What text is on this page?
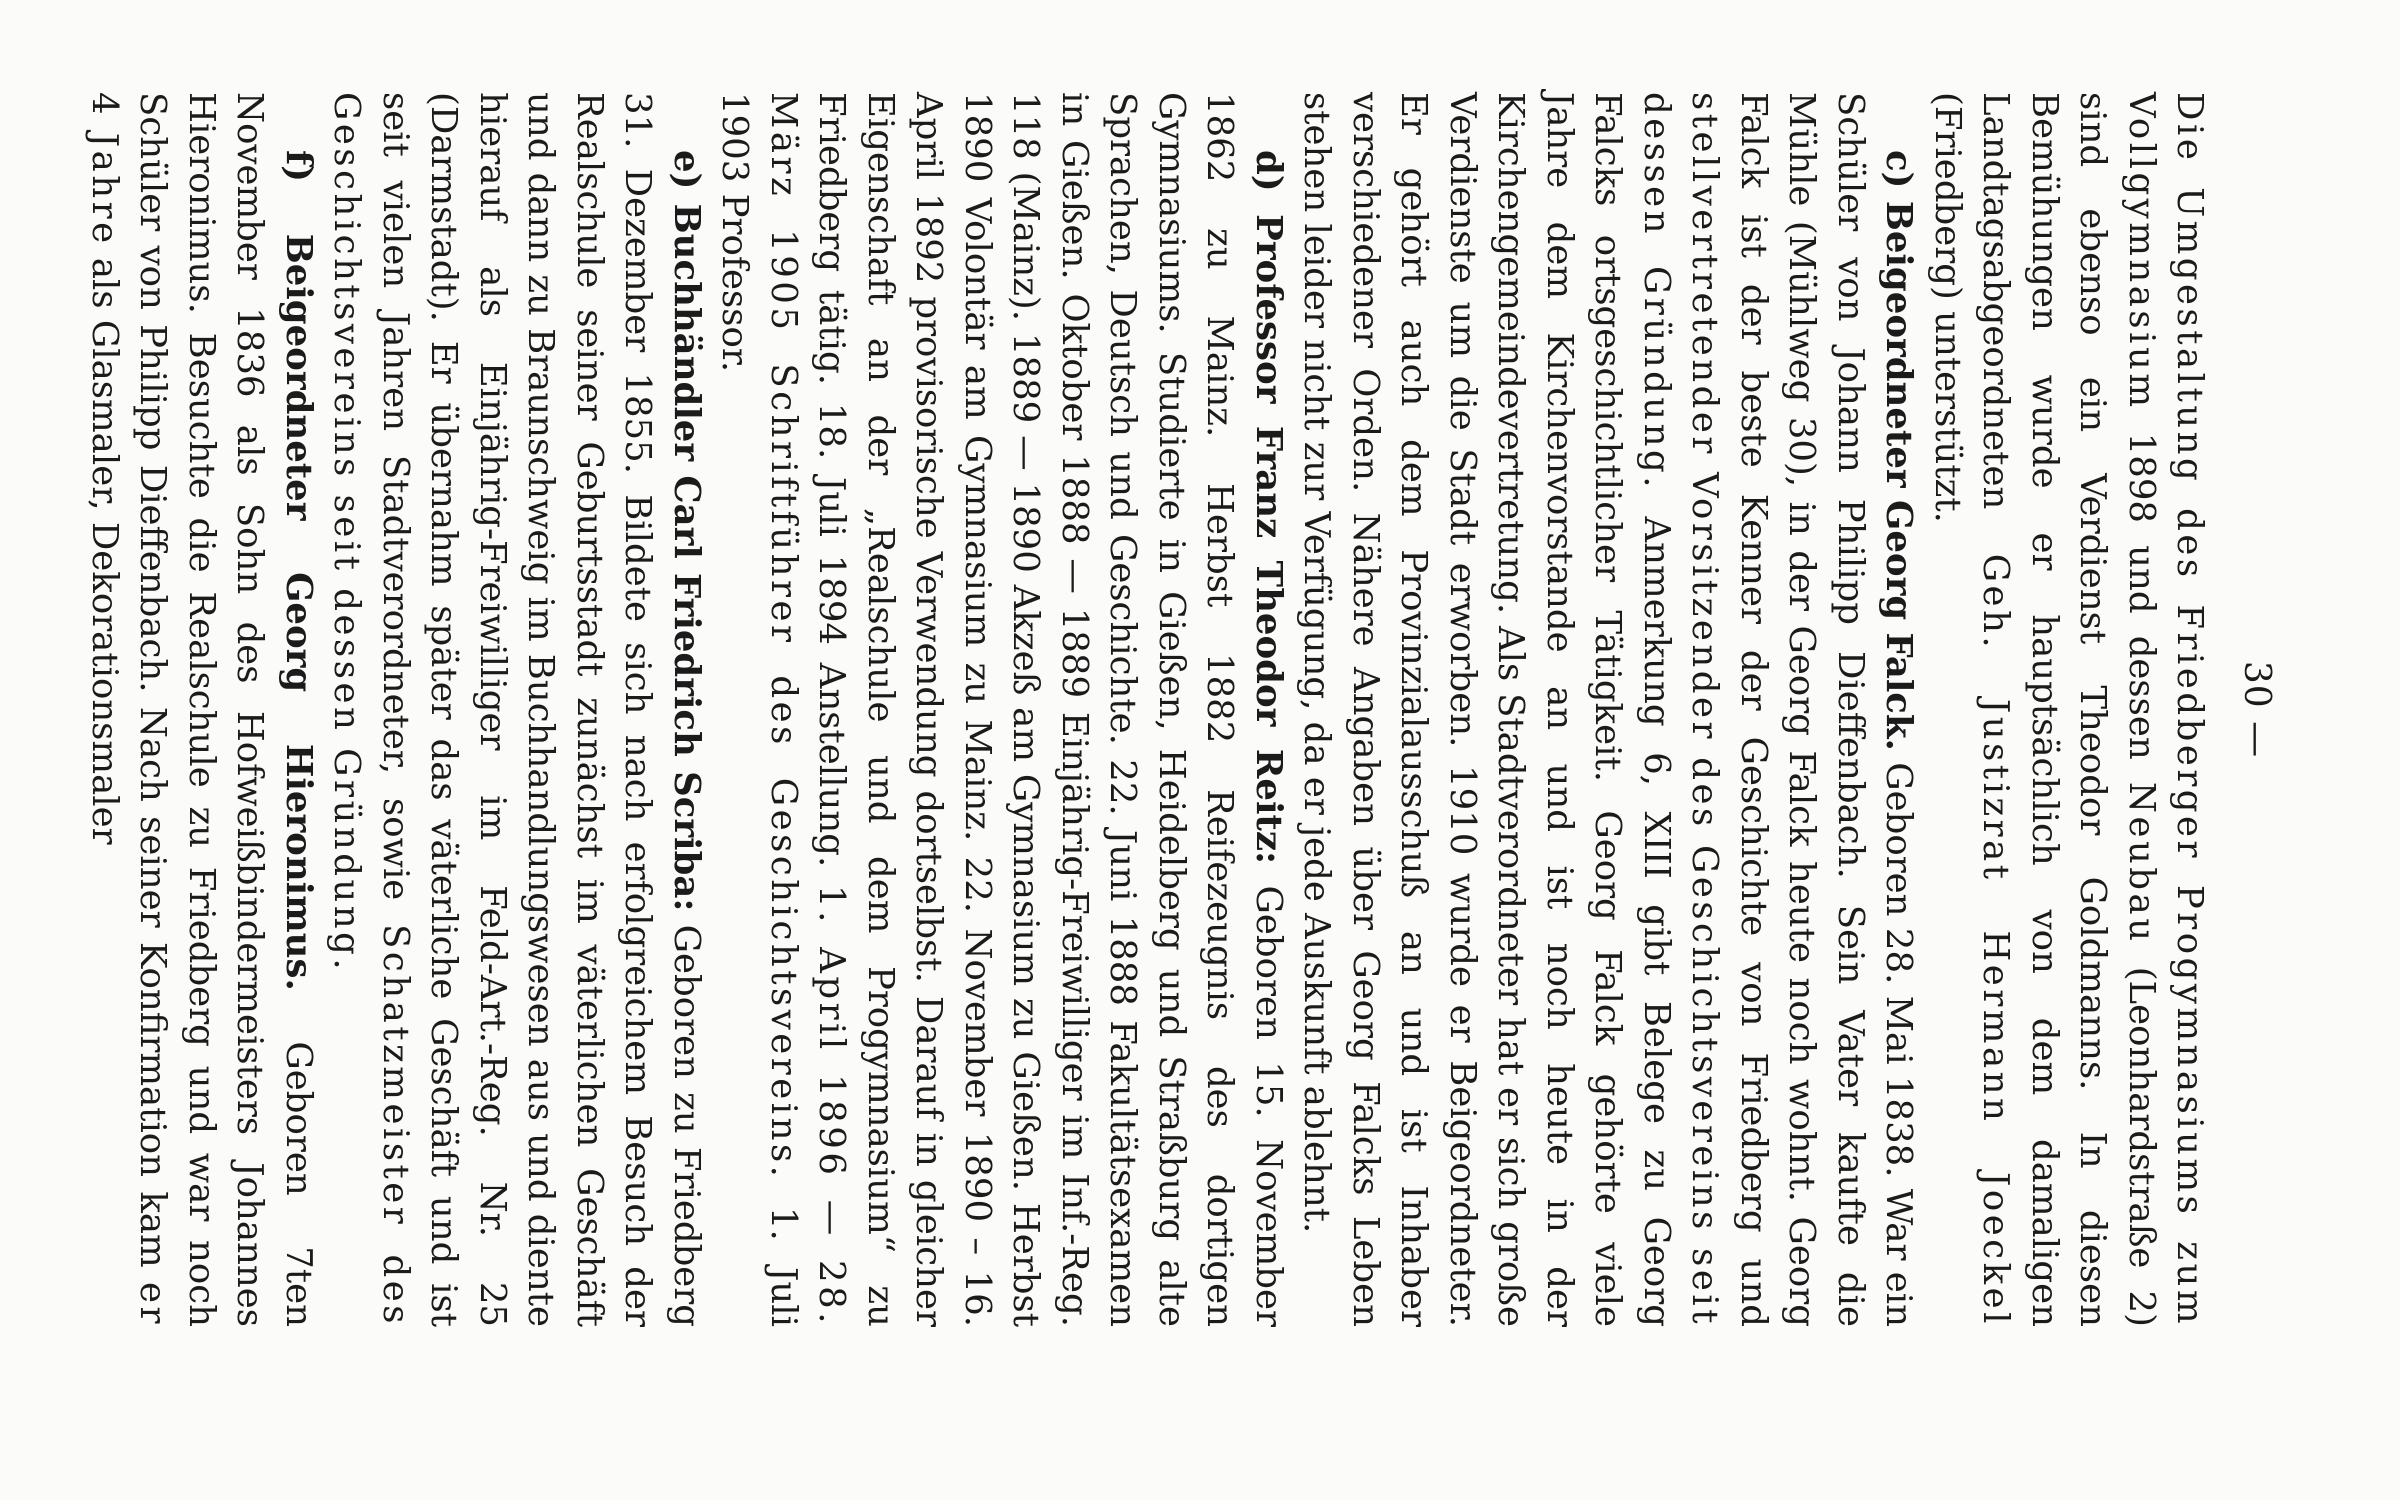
30 —

Die Umgestaltung des Friedberger Progymnasiums zum Vollgymnasium 1898 und dessen Neubau (Leonhardstraße 2) sind ebenso ein Verdienst Theodor Goldmanns. In diesen Bemühungen wurde er hauptsächlich von dem damaligen Landtagsabgeordneten Geh. Justizrat Hermann Joeckel (Friedberg) unterstützt.

c) Beigeordneter Georg Falck. Geboren 28. Mai 1838. War ein Schüler von Johann Philipp Dieffenbach. Sein Vater kaufte die Mühle (Mühlweg 30), in der Georg Falck heute noch wohnt. Georg Falck ist der beste Kenner der Geschichte von Friedberg und stellvertretender Vorsitzender des Geschichtsvereins seit dessen Gründung. Anmerkung 6, XIII gibt Belege zu Georg Falcks ortsgeschichtlicher Tätigkeit. Georg Falck gehörte viele Jahre dem Kirchenvorstande an und ist noch heute in der Kirchengemeindevertretung. Als Stadtverordneter hat er sich große Verdienste um die Stadt erworben. 1910 wurde er Beigeordneter. Er gehört auch dem Provinzialausschuß an und ist Inhaber verschiedener Orden. Nähere Angaben über Georg Falcks Leben stehen leider nicht zur Verfügung, da er jede Auskunft ablehnt.

d) Professor Franz Theodor Reitz: Geboren 15. November 1862 zu Mainz. Herbst 1882 Reifezeugnis des dortigen Gymnasiums. Studierte in Gießen, Heidelberg und Straßburg alte Sprachen, Deutsch und Geschichte. 22. Juni 1888 Fakultätsexamen in Gießen. Oktober 1888 — 1889 Einjährig-Freiwilliger im Inf.-Reg. 118 (Mainz). 1889 — 1890 Akzeß am Gymnasium zu Gießen. Herbst 1890 Volontär am Gymnasium zu Mainz. 22. November 1890 – 16. April 1892 provisorische Verwendung dortselbst. Darauf in gleicher Eigenschaft an der „Realschule und dem Progymnasium“ zu Friedberg tätig. 18. Juli 1894 Anstellung. 1. April 1896 — 28. März 1905 Schriftführer des Geschichtsvereins. 1. Juli 1903 Professor.

e) Buchhändler Carl Friedrich Scriba: Geboren zu Friedberg 31. Dezember 1855. Bildete sich nach erfolgreichem Besuch der Realschule seiner Geburtsstadt zunächst im väterlichen Geschäft und dann zu Braunschweig im Buchhandlungswesen aus und diente hierauf als Einjährig-Freiwilliger im Feld-Art.-Reg. Nr. 25 (Darmstadt). Er übernahm später das väterliche Geschäft und ist seit vielen Jahren Stadtverordneter, sowie Schatzmeister des Geschichtsvereins seit dessen Gründung.

f) Beigeordneter Georg Hieronimus. Geboren 7ten November 1836 als Sohn des Hofweißbindermeisters Johannes Hieronimus. Besuchte die Realschule zu Friedberg und war noch Schüler von Philipp Dieffenbach. Nach seiner Konfirmation kam er 4 Jahre als Glasmaler, Dekorationsmaler
